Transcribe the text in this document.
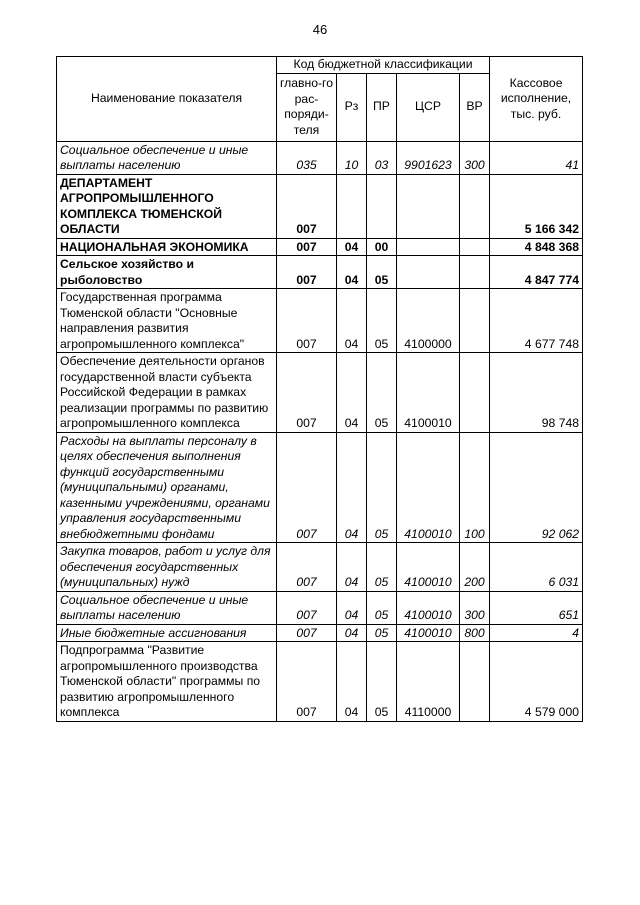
46
Наименование показателя	Код бюджетной классификации					Кассовое исполнение, тыс. руб.
	главно-го рас-поряди-теля	Рз	ПР	ЦСР	ВР	
Социальное обеспечение и иные выплаты населению	035	10	03	9901623	300	41
ДЕПАРТАМЕНТ АГРОПРОМЫШЛЕННОГО КОМПЛЕКСА ТЮМЕНСКОЙ ОБЛАСТИ	007					5 166 342
НАЦИОНАЛЬНАЯ ЭКОНОМИКА	007	04	00			4 848 368
Сельское хозяйство и рыболовство	007	04	05			4 847 774
Государственная программа Тюменской области "Основные направления развития агропромышленного комплекса"	007	04	05	4100000		4 677 748
Обеспечение деятельности органов государственной власти субъекта Российской Федерации в рамках реализации программы по развитию агропромышленного комплекса	007	04	05	4100010		98 748
Расходы на выплаты персоналу в целях обеспечения выполнения функций государственными (муниципальными) органами, казенными учреждениями, органами управления государственными внебюджетными фондами	007	04	05	4100010	100	92 062
Закупка товаров, работ и услуг для обеспечения государственных (муниципальных) нужд	007	04	05	4100010	200	6 031
Социальное обеспечение и иные выплаты населению	007	04	05	4100010	300	651
Иные бюджетные ассигнования	007	04	05	4100010	800	4
Подпрограмма "Развитие агропромышленного производства Тюменской области" программы по развитию агропромышленного комплекса	007	04	05	4110000		4 579 000
